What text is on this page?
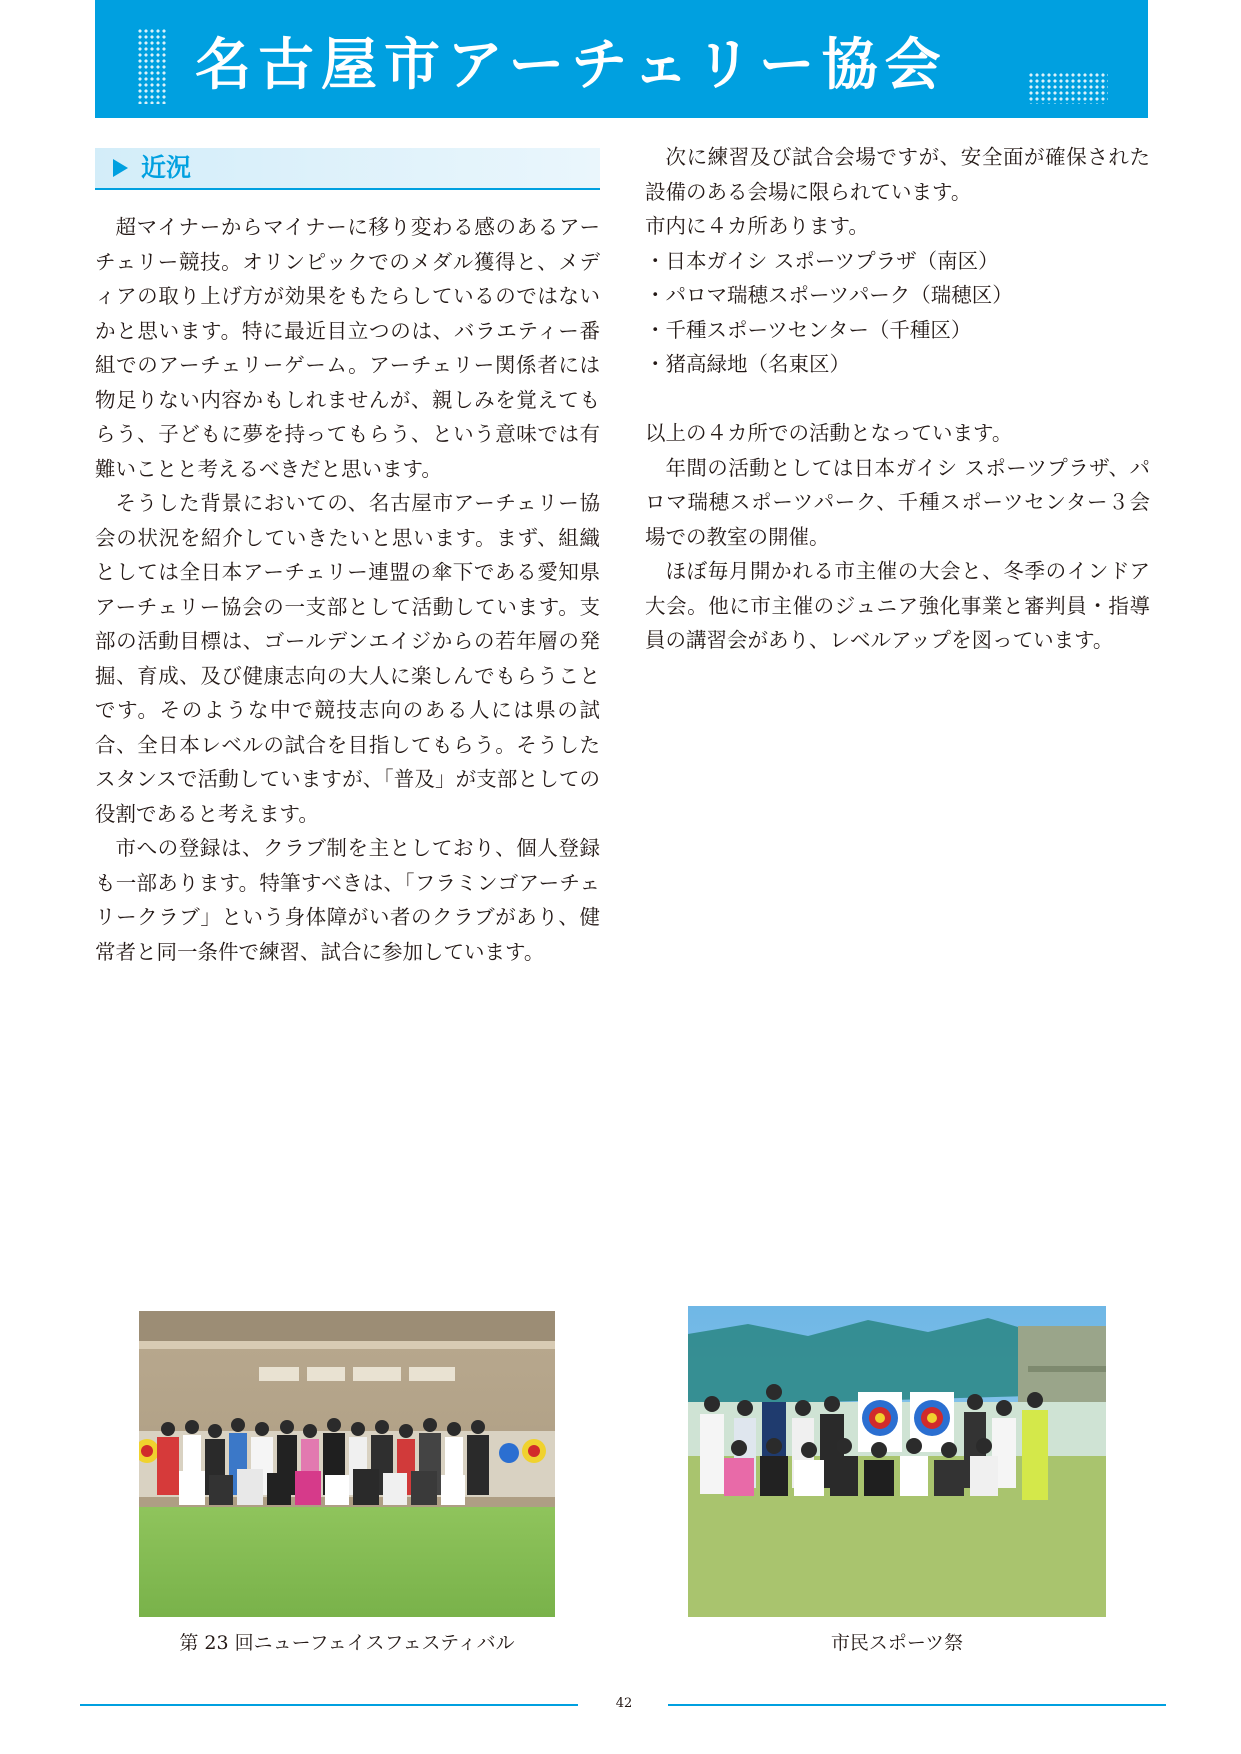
名古屋市アーチェリー協会
近況

超マイナーからマイナーに移り変わる感のあるアーチェリー競技。オリンピックでのメダル獲得と、メディアの取り上げ方が効果をもたらしているのではないかと思います。特に最近目立つのは、バラエティー番組でのアーチェリーゲーム。アーチェリー関係者には物足りない内容かもしれませんが、親しみを覚えてもらう、子どもに夢を持ってもらう、という意味では有難いことと考えるべきだと思います。

そうした背景においての、名古屋市アーチェリー協会の状況を紹介していきたいと思います。まず、組織としては全日本アーチェリー連盟の傘下である愛知県アーチェリー協会の一支部として活動しています。支部の活動目標は、ゴールデンエイジからの若年層の発掘、育成、及び健康志向の大人に楽しんでもらうことです。そのような中で競技志向のある人には県の試合、全日本レベルの試合を目指してもらう。そうしたスタンスで活動していますが、「普及」が支部としての役割であると考えます。

市への登録は、クラブ制を主としており、個人登録も一部あります。特筆すべきは、「フラミンゴアーチェリークラブ」という身体障がい者のクラブがあり、健常者と同一条件で練習、試合に参加しています。

次に練習及び試合会場ですが、安全面が確保された設備のある会場に限られています。

市内に４カ所あります。

・日本ガイシ スポーツプラザ（南区）

・パロマ瑞穂スポーツパーク（瑞穂区）

・千種スポーツセンター（千種区）

・猪高緑地（名東区）

以上の４カ所での活動となっています。

年間の活動としては日本ガイシ スポーツプラザ、パロマ瑞穂スポーツパーク、千種スポーツセンター３会場での教室の開催。

ほぼ毎月開かれる市主催の大会と、冬季のインドア大会。他に市主催のジュニア強化事業と審判員・指導員の講習会があり、レベルアップを図っています。

第 23 回ニューフェイスフェスティバル	市民スポーツ祭
42
